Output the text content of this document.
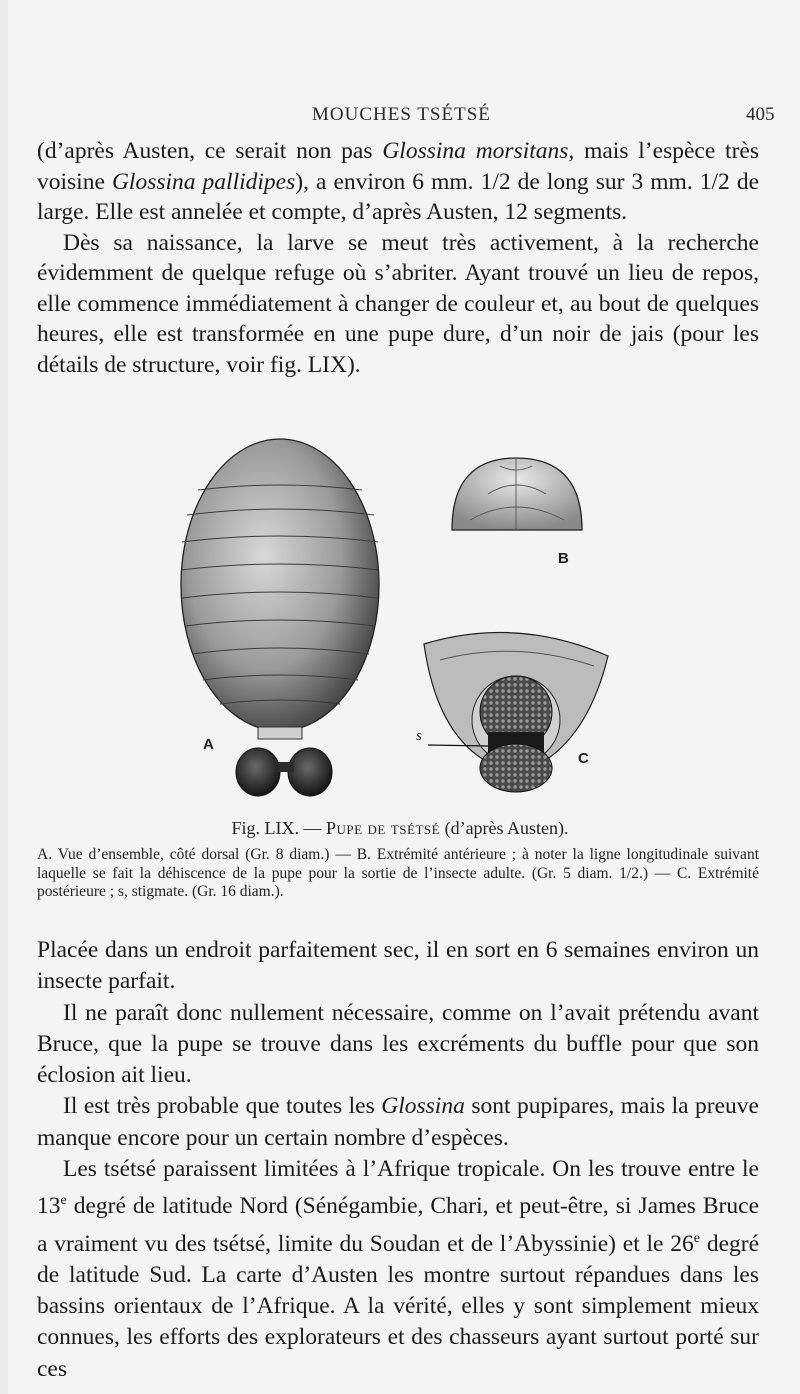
MOUCHES TSÉTSÉ	405

(d’après Austen, ce serait non pas Glossina morsitans, mais l’espèce très voisine Glossina pallidipes), a environ 6 mm. 1/2 de long sur 3 mm. 1/2 de large. Elle est annelée et compte, d’après Austen, 12 segments.

Dès sa naissance, la larve se meut très activement, à la recherche évidemment de quelque refuge où s’abriter. Ayant trouvé un lieu de repos, elle commence immédiatement à changer de couleur et, au bout de quelques heures, elle est transformée en une pupe dure, d’un noir de jais (pour les détails de structure, voir fig. LIX).

A
B
C
s
Fig. LIX. — Pupe de tsétsé (d’après Austen).

A. Vue d’ensemble, côté dorsal (Gr. 8 diam.) — B. Extrémité antérieure ; à noter la ligne longitudinale suivant laquelle se fait la déhiscence de la pupe pour la sortie de l’insecte adulte. (Gr. 5 diam. 1/2.) — C. Extrémité postérieure ; s, stigmate. (Gr. 16 diam.).

Placée dans un endroit parfaitement sec, il en sort en 6 semaines environ un insecte parfait.

Il ne paraît donc nullement nécessaire, comme on l’avait prétendu avant Bruce, que la pupe se trouve dans les excréments du buffle pour que son éclosion ait lieu.

Il est très probable que toutes les Glossina sont pupipares, mais la preuve manque encore pour un certain nombre d’espèces.

Les tsétsé paraissent limitées à l’Afrique tropicale. On les trouve entre le 13e degré de latitude Nord (Sénégambie, Chari, et peut-être, si James Bruce a vraiment vu des tsétsé, limite du Soudan et de l’Abyssinie) et le 26e degré de latitude Sud. La carte d’Austen les montre surtout répandues dans les bassins orientaux de l’Afrique. A la vérité, elles y sont simplement mieux connues, les efforts des explorateurs et des chasseurs ayant surtout porté sur ces
